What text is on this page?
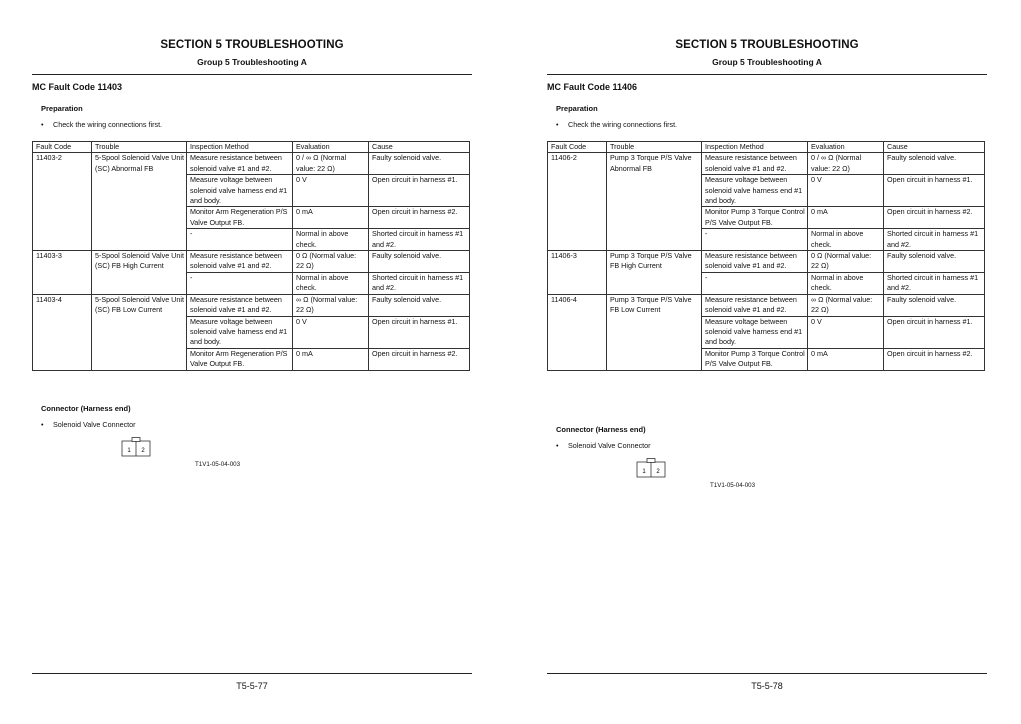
SECTION 5 TROUBLESHOOTING
Group 5 Troubleshooting A
MC Fault Code 11403
Preparation
• Check the wiring connections first.
Fault Code	Trouble	Inspection Method	Evaluation	Cause
11403-2	5-Spool Solenoid Valve Unit (SC) Abnormal FB	Measure resistance between solenoid valve #1 and #2.	0 / ∞ Ω (Normal value: 22 Ω)	Faulty solenoid valve.
		Measure voltage between solenoid valve harness end #1 and body.	0 V	Open circuit in harness #1.
		Monitor Arm Regeneration P/S Valve Output FB.	0 mA	Open circuit in harness #2.
		-	Normal in above check.	Shorted circuit in harness #1 and #2.
11403-3	5-Spool Solenoid Valve Unit (SC) FB High Current	Measure resistance between solenoid valve #1 and #2.	0 Ω (Normal value: 22 Ω)	Faulty solenoid valve.
		-	Normal in above check.	Shorted circuit in harness #1 and #2.
11403-4	5-Spool Solenoid Valve Unit (SC) FB Low Current	Measure resistance between solenoid valve #1 and #2.	∞ Ω (Normal value: 22 Ω)	Faulty solenoid valve.
		Measure voltage between solenoid valve harness end #1 and body.	0 V	Open circuit in harness #1.
		Monitor Arm Regeneration P/S Valve Output FB.	0 mA	Open circuit in harness #2.
Connector (Harness end)
• Solenoid Valve Connector
1 2
T1V1-05-04-003
T5-5-77
SECTION 5 TROUBLESHOOTING
Group 5 Troubleshooting A
MC Fault Code 11406
Preparation
• Check the wiring connections first.
Fault Code	Trouble	Inspection Method	Evaluation	Cause
11406-2	Pump 3 Torque P/S Valve Abnormal FB	Measure resistance between solenoid valve #1 and #2.	0 / ∞ Ω (Normal value: 22 Ω)	Faulty solenoid valve.
		Measure voltage between solenoid valve harness end #1 and body.	0 V	Open circuit in harness #1.
		Monitor Pump 3 Torque Control P/S Valve Output FB.	0 mA	Open circuit in harness #2.
		-	Normal in above check.	Shorted circuit in harness #1 and #2.
11406-3	Pump 3 Torque P/S Valve FB High Current	Measure resistance between solenoid valve #1 and #2.	0 Ω (Normal value: 22 Ω)	Faulty solenoid valve.
		-	Normal in above check.	Shorted circuit in harness #1 and #2.
11406-4	Pump 3 Torque P/S Valve FB Low Current	Measure resistance between solenoid valve #1 and #2.	∞ Ω (Normal value: 22 Ω)	Faulty solenoid valve.
		Measure voltage between solenoid valve harness end #1 and body.	0 V	Open circuit in harness #1.
		Monitor Pump 3 Torque Control P/S Valve Output FB.	0 mA	Open circuit in harness #2.
Connector (Harness end)
• Solenoid Valve Connector
1 2
T1V1-05-04-003
T5-5-78
